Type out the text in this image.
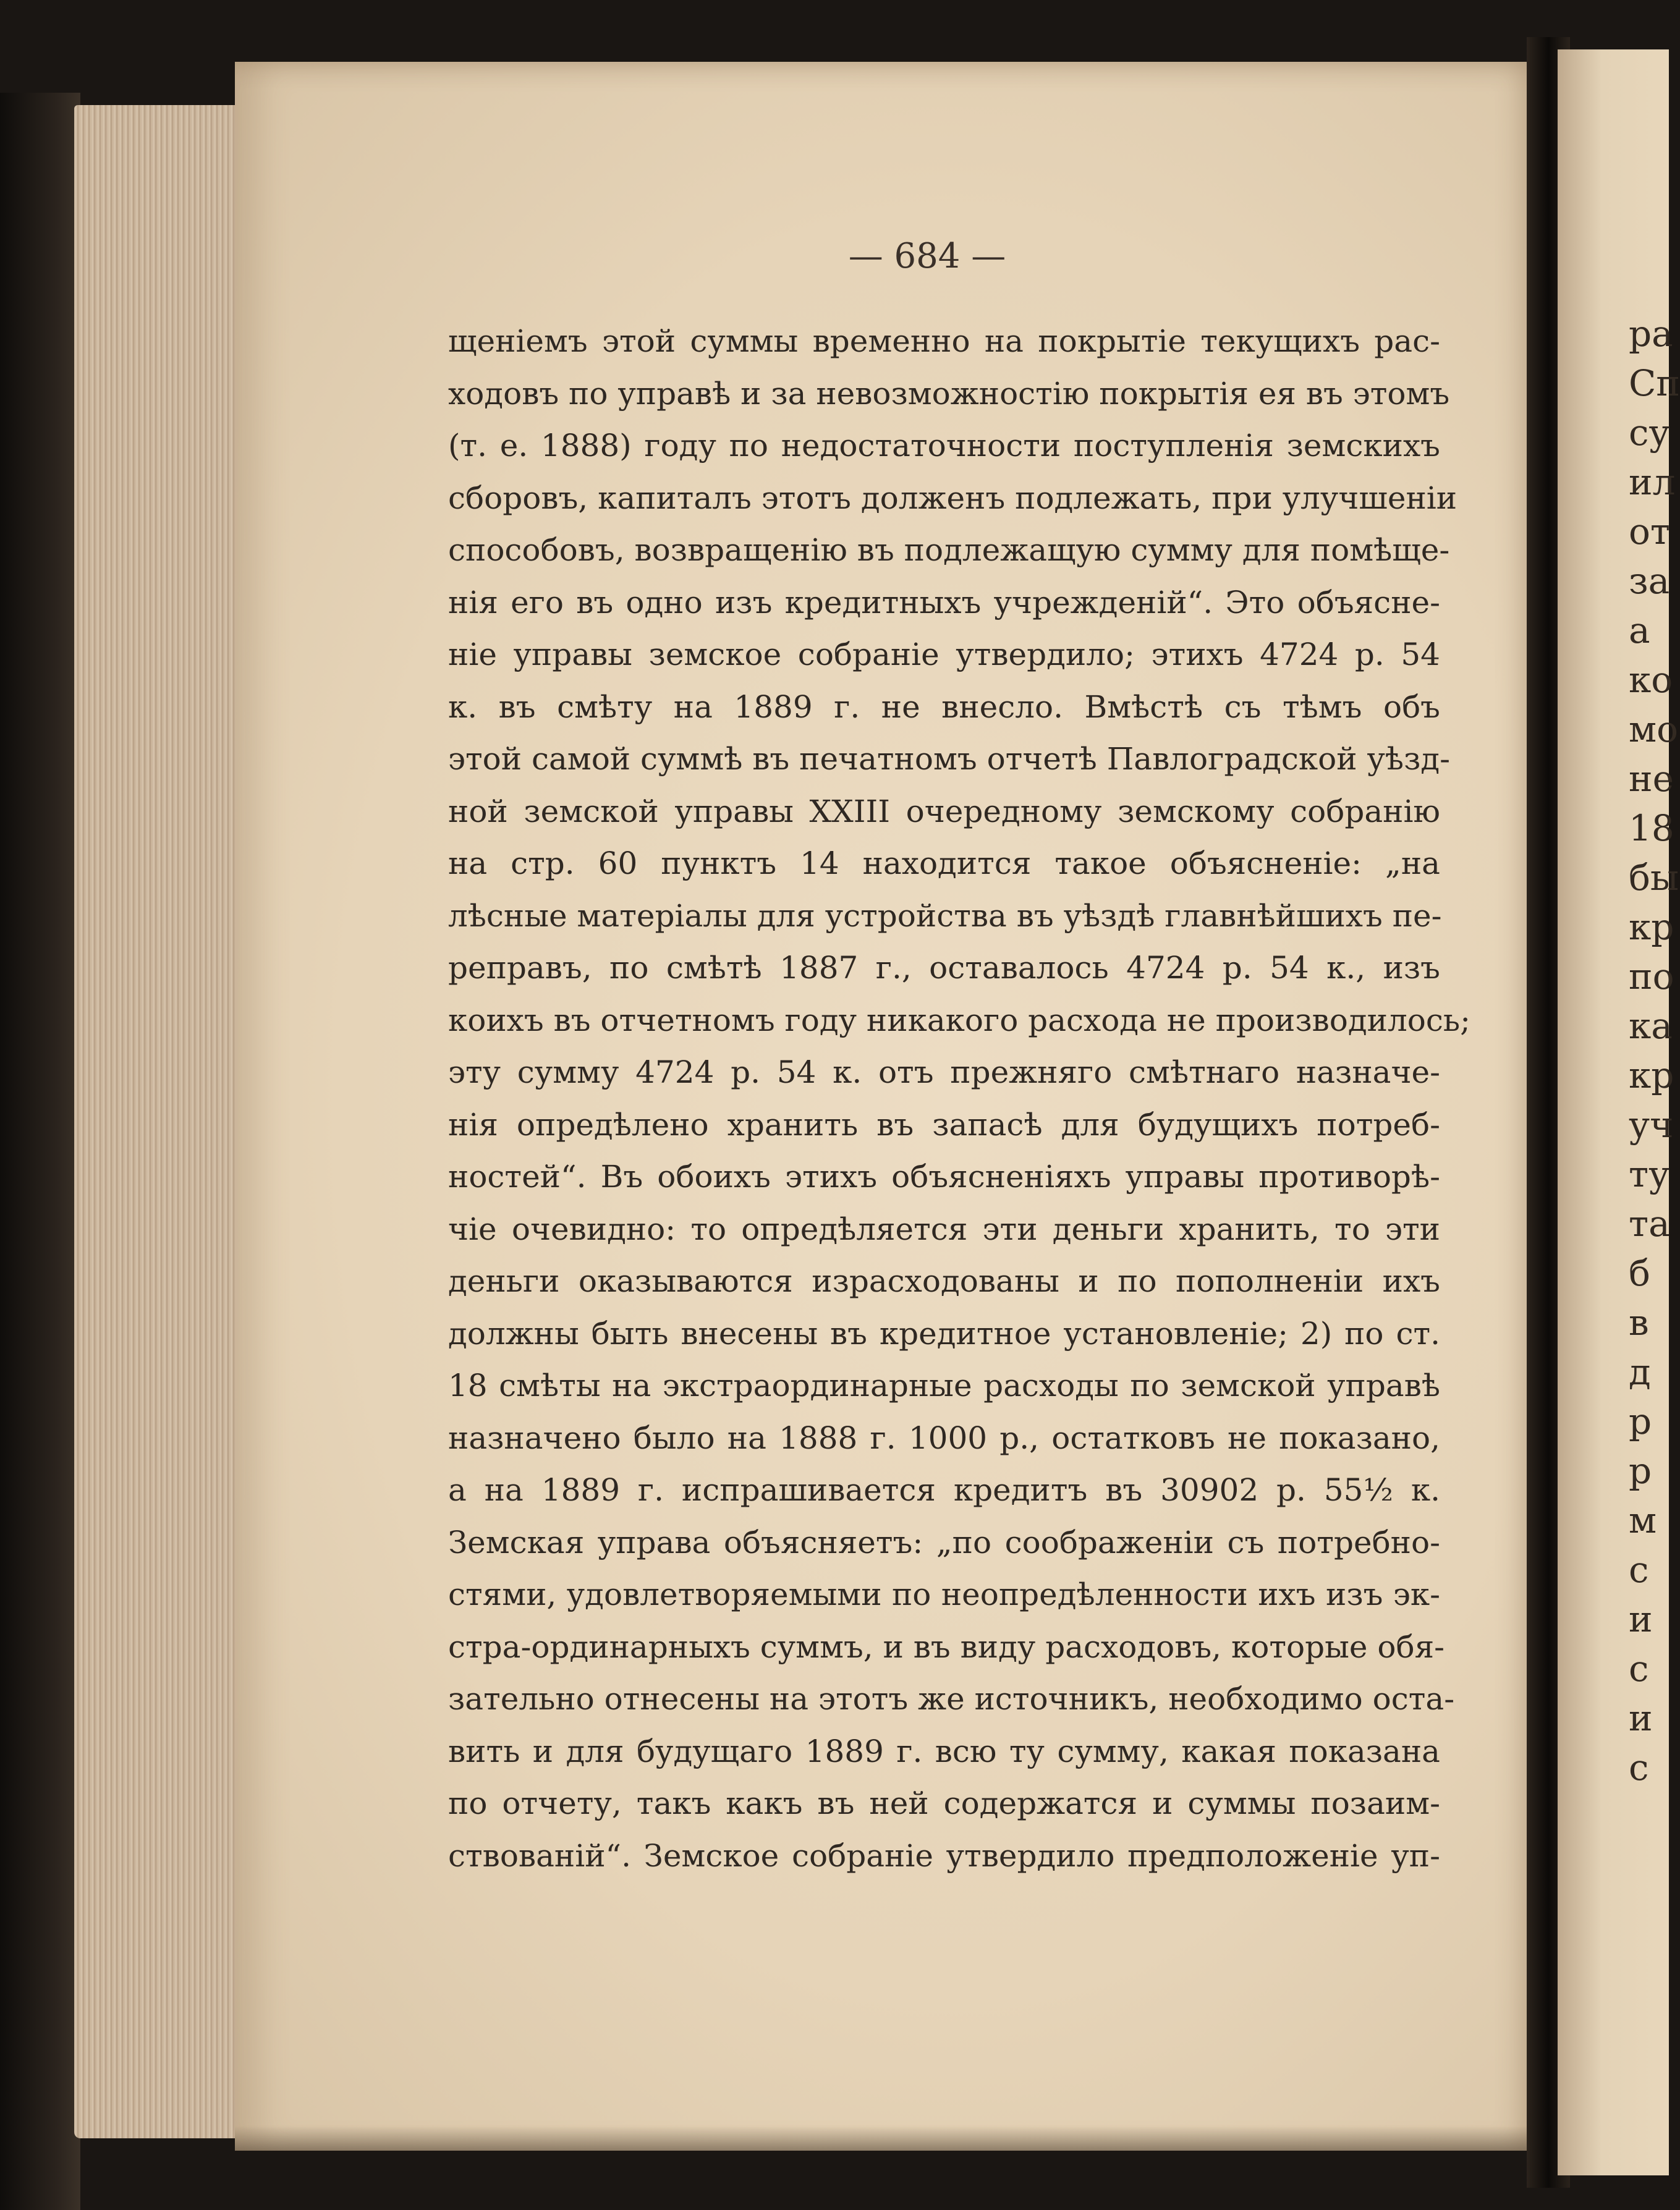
— 684 —
щеніемъ этой суммы временно на покрытіе текущихъ рас-
ходовъ по управѣ и за невозможностію покрытія ея въ этомъ
(т. е. 1888) году по недостаточности поступленія земскихъ
сборовъ, капиталъ этотъ долженъ подлежать, при улучшеніи
способовъ, возвращенію въ подлежащую сумму для помѣще-
нія его въ одно изъ кредитныхъ учрежденій“. Это объясне-
ніе управы земское собраніе утвердило; этихъ 4724 р. 54
к. въ смѣту на 1889 г. не внесло. Вмѣстѣ съ тѣмъ объ
этой самой суммѣ въ печатномъ отчетѣ Павлоградской уѣзд-
ной земской управы XXIII очередному земскому собранію
на стр. 60 пунктъ 14 находится такое объясненіе: „на
лѣсные матеріалы для устройства въ уѣздѣ главнѣйшихъ пе-
реправъ, по смѣтѣ 1887 г., оставалось 4724 р. 54 к., изъ
коихъ въ отчетномъ году никакого расхода не производилось;
эту сумму 4724 р. 54 к. отъ прежняго смѣтнаго назначе-
нія опредѣлено хранить въ запасѣ для будущихъ потреб-
ностей“. Въ обоихъ этихъ объясненіяхъ управы противорѣ-
чіе очевидно: то опредѣляется эти деньги хранить, то эти
деньги оказываются израсходованы и по пополненіи ихъ
должны быть внесены въ кредитное установленіе; 2) по ст.
18 смѣты на экстраординарные расходы по земской управѣ
назначено было на 1888 г. 1000 р., остатковъ не показано,
а на 1889 г. испрашивается кредитъ въ 30902 р. 55½ к.
Земская управа объясняетъ: „по соображеніи съ потребно-
стями, удовлетворяемыми по неопредѣленности ихъ изъ эк-
стра-ординарныхъ суммъ, и въ виду расходовъ, которые обя-
зательно отнесены на этотъ же источникъ, необходимо оста-
вить и для будущаго 1889 г. всю ту сумму, какая показана
по отчету, такъ какъ въ ней содержатся и суммы позаим-
ствованій“. Земское собраніе утвердило предположеніе уп-
ра
Сп
су
ил
от
за
а
ко
мо
не
18
бы
кр
по
ка
кр
уч
ту
та
б
в
д
р
р
м
с
и
с
и
с
